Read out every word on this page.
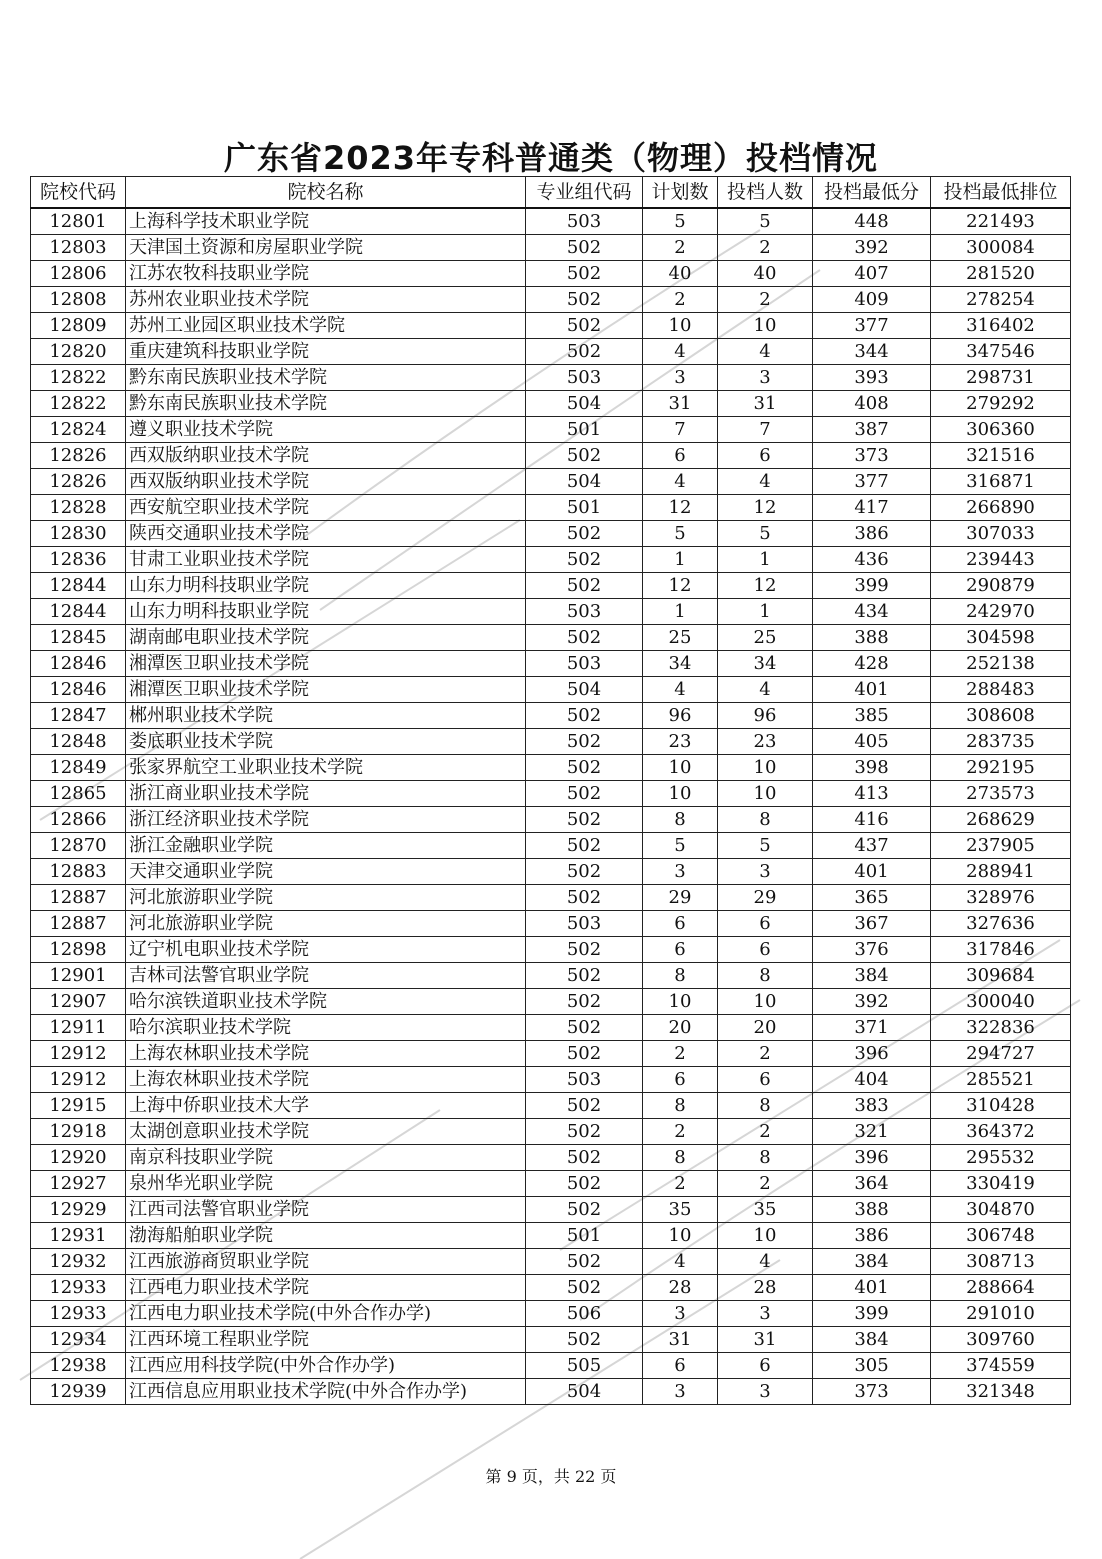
广东省2023年专科普通类（物理）投档情况
院校代码	院校名称	专业组代码	计划数	投档人数	投档最低分	投档最低排位
12801	上海科学技术职业学院	503	5	5	448	221493
12803	天津国土资源和房屋职业学院	502	2	2	392	300084
12806	江苏农牧科技职业学院	502	40	40	407	281520
12808	苏州农业职业技术学院	502	2	2	409	278254
12809	苏州工业园区职业技术学院	502	10	10	377	316402
12820	重庆建筑科技职业学院	502	4	4	344	347546
12822	黔东南民族职业技术学院	503	3	3	393	298731
12822	黔东南民族职业技术学院	504	31	31	408	279292
12824	遵义职业技术学院	501	7	7	387	306360
12826	西双版纳职业技术学院	502	6	6	373	321516
12826	西双版纳职业技术学院	504	4	4	377	316871
12828	西安航空职业技术学院	501	12	12	417	266890
12830	陕西交通职业技术学院	502	5	5	386	307033
12836	甘肃工业职业技术学院	502	1	1	436	239443
12844	山东力明科技职业学院	502	12	12	399	290879
12844	山东力明科技职业学院	503	1	1	434	242970
12845	湖南邮电职业技术学院	502	25	25	388	304598
12846	湘潭医卫职业技术学院	503	34	34	428	252138
12846	湘潭医卫职业技术学院	504	4	4	401	288483
12847	郴州职业技术学院	502	96	96	385	308608
12848	娄底职业技术学院	502	23	23	405	283735
12849	张家界航空工业职业技术学院	502	10	10	398	292195
12865	浙江商业职业技术学院	502	10	10	413	273573
12866	浙江经济职业技术学院	502	8	8	416	268629
12870	浙江金融职业学院	502	5	5	437	237905
12883	天津交通职业学院	502	3	3	401	288941
12887	河北旅游职业学院	502	29	29	365	328976
12887	河北旅游职业学院	503	6	6	367	327636
12898	辽宁机电职业技术学院	502	6	6	376	317846
12901	吉林司法警官职业学院	502	8	8	384	309684
12907	哈尔滨铁道职业技术学院	502	10	10	392	300040
12911	哈尔滨职业技术学院	502	20	20	371	322836
12912	上海农林职业技术学院	502	2	2	396	294727
12912	上海农林职业技术学院	503	6	6	404	285521
12915	上海中侨职业技术大学	502	8	8	383	310428
12918	太湖创意职业技术学院	502	2	2	321	364372
12920	南京科技职业学院	502	8	8	396	295532
12927	泉州华光职业学院	502	2	2	364	330419
12929	江西司法警官职业学院	502	35	35	388	304870
12931	渤海船舶职业学院	501	10	10	386	306748
12932	江西旅游商贸职业学院	502	4	4	384	308713
12933	江西电力职业技术学院	502	28	28	401	288664
12933	江西电力职业技术学院(中外合作办学)	506	3	3	399	291010
12934	江西环境工程职业学院	502	31	31	384	309760
12938	江西应用科技学院(中外合作办学)	505	6	6	305	374559
12939	江西信息应用职业技术学院(中外合作办学)	504	3	3	373	321348
第 9 页，共 22 页
